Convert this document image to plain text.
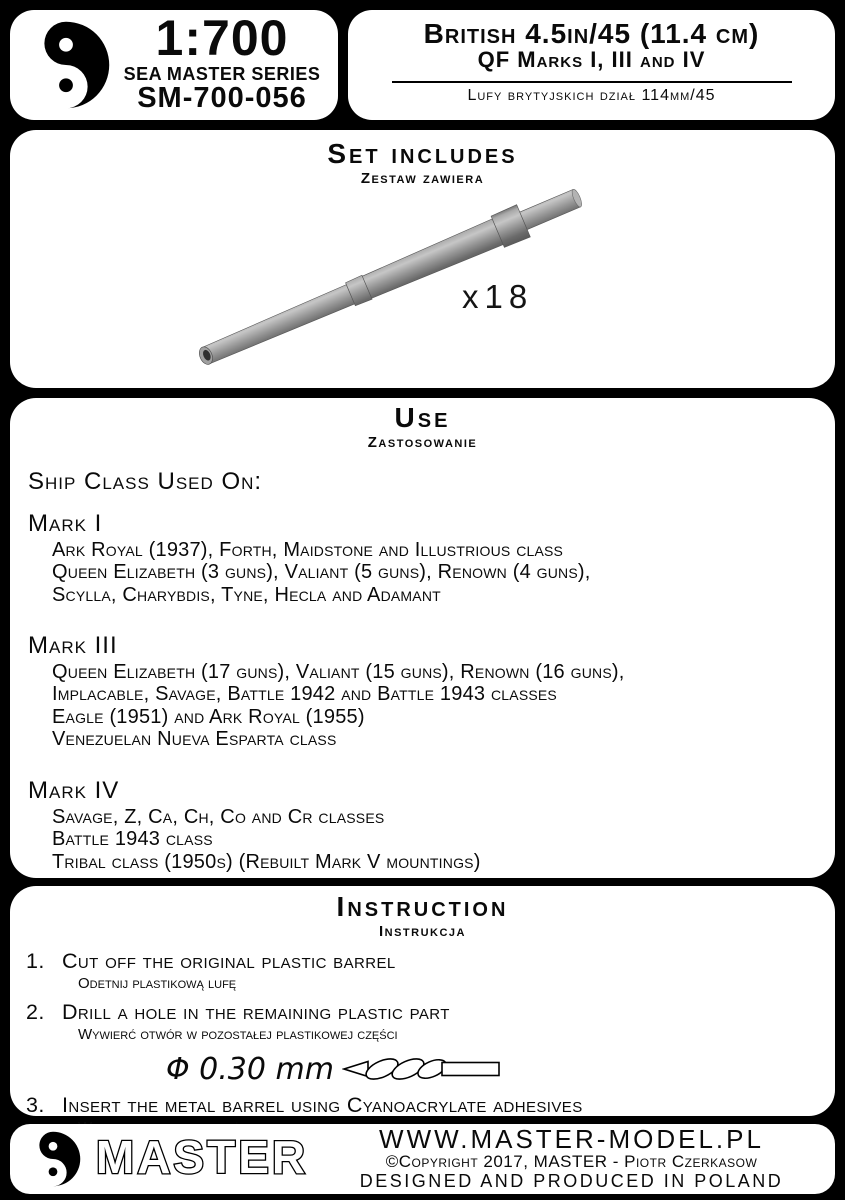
1:700
SEA MASTER SERIES
SM-700-056
British 4.5in/45 (11.4 cm)
QF Marks I, III and IV
Lufy brytyjskich dział 114mm/45
Set includes
Zestaw zawiera
x18
Use
Zastosowanie
Ship Class Used On:
Mark I
Ark Royal (1937), Forth, Maidstone and Illustrious class
Queen Elizabeth (3 guns), Valiant (5 guns), Renown (4 guns),
Scylla, Charybdis, Tyne, Hecla and Adamant
Mark III
Queen Elizabeth (17 guns), Valiant (15 guns), Renown (16 guns),
Implacable, Savage, Battle 1942 and Battle 1943 classes
Eagle (1951) and Ark Royal (1955)
Venezuelan Nueva Esparta class
Mark IV
Savage, Z, Ca, Ch, Co and Cr classes
Battle 1943 class
Tribal class (1950s) (Rebuilt Mark V mountings)
Instruction
Instrukcja
1. Cut off the original plastic barrel
Odetnij plastikową lufę
2. Drill a hole in the remaining plastic part
Wywierć otwór w pozostałej plastikowej części
Φ 0.30 mm
3. Insert the metal barrel using Cyanoacrylate adhesives
MASTER	WWW.MASTER-MODEL.PL
©Copyright 2017, MASTER - Piotr Czerkasow
DESIGNED AND PRODUCED IN POLAND
